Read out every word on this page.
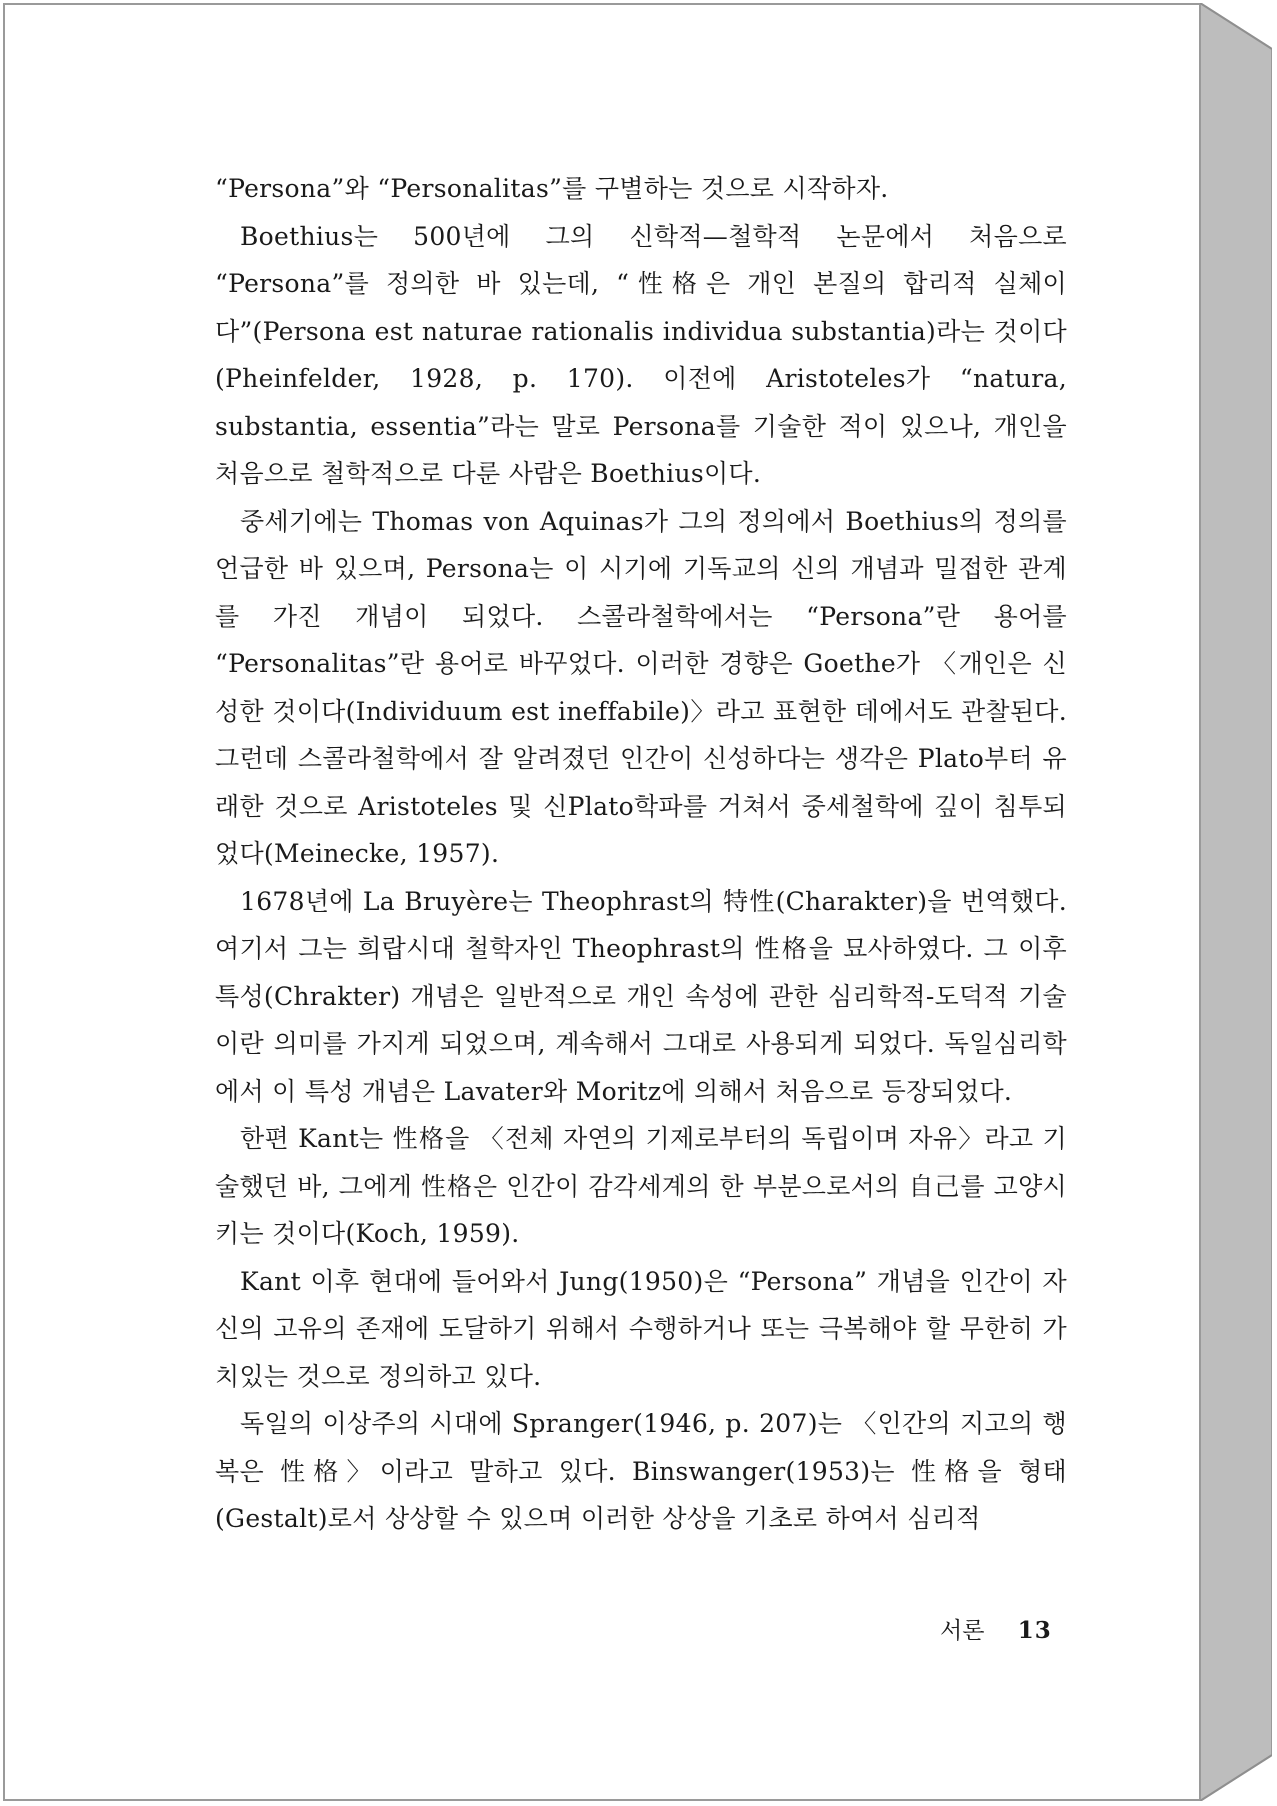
“Persona”와 “Personalitas”를 구별하는 것으로 시작하자.

Boethius는 500년에 그의 신학적—철학적 논문에서 처음으로 “Persona”를 정의한 바 있는데, “性格은 개인 본질의 합리적 실체이다”(Persona est naturae rationalis individua substantia)라는 것이다 (Pheinfelder, 1928, p. 170). 이전에 Aristoteles가 “natura, substantia, essentia”라는 말로 Persona를 기술한 적이 있으나, 개인을 처음으로 철학적으로 다룬 사람은 Boethius이다.

중세기에는 Thomas von Aquinas가 그의 정의에서 Boethius의 정의를 언급한 바 있으며, Persona는 이 시기에 기독교의 신의 개념과 밀접한 관계를 가진 개념이 되었다. 스콜라철학에서는 “Persona”란 용어를 “Personalitas”란 용어로 바꾸었다. 이러한 경향은 Goethe가 〈개인은 신성한 것이다(Individuum est ineffabile)〉라고 표현한 데에서도 관찰된다. 그런데 스콜라철학에서 잘 알려졌던 인간이 신성하다는 생각은 Plato부터 유래한 것으로 Aristoteles 및 신Plato학파를 거쳐서 중세철학에 깊이 침투되었다(Meinecke, 1957).

1678년에 La Bruyère는 Theophrast의 特性(Charakter)을 번역했다. 여기서 그는 희랍시대 철학자인 Theophrast의 性格을 묘사하였다. 그 이후 특성(Chrakter) 개념은 일반적으로 개인 속성에 관한 심리학적-도덕적 기술이란 의미를 가지게 되었으며, 계속해서 그대로 사용되게 되었다. 독일심리학에서 이 특성 개념은 Lavater와 Moritz에 의해서 처음으로 등장되었다.

한편 Kant는 性格을 〈전체 자연의 기제로부터의 독립이며 자유〉라고 기술했던 바, 그에게 性格은 인간이 감각세계의 한 부분으로서의 自己를 고양시키는 것이다(Koch, 1959).

Kant 이후 현대에 들어와서 Jung(1950)은 “Persona” 개념을 인간이 자신의 고유의 존재에 도달하기 위해서 수행하거나 또는 극복해야 할 무한히 가치있는 것으로 정의하고 있다.

독일의 이상주의 시대에 Spranger(1946, p. 207)는 〈인간의 지고의 행복은 性格〉이라고 말하고 있다. Binswanger(1953)는 性格을 형태(Gestalt)로서 상상할 수 있으며 이러한 상상을 기초로 하여서 심리적

서론 13
